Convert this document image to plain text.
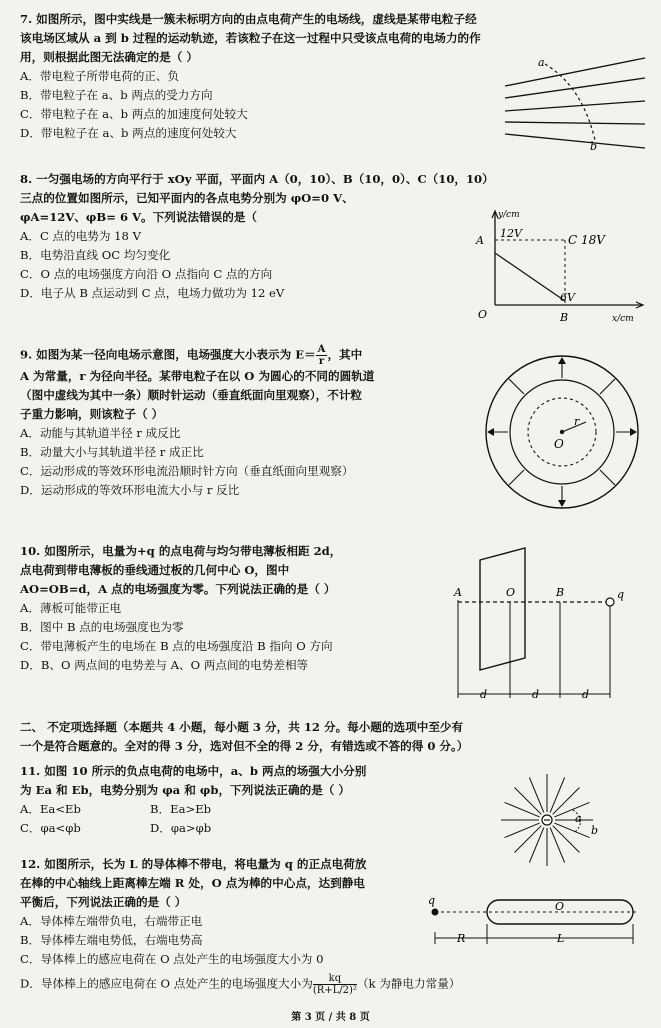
7. 如图所示，图中实线是一簇未标明方向的由点电荷产生的电场线，虚线是某带电粒子经

该电场区域从 a 到 b 过程的运动轨迹，若该粒子在这一过程中只受该点电荷的电场力的作

用，则根据此图无法确定的是（ ）

A．带电粒子所带电荷的正、负

B．带电粒子在 a、b 两点的受力方向

C．带电粒子在 a、b 两点的加速度何处较大

D．带电粒子在 a、b 两点的速度何处较大

a
b

8. 一匀强电场的方向平行于 xOy 平面，平面内 A（0，10）、B（10，0）、C（10，10）

三点的位置如图所示，已知平面内的各点电势分别为 φO=0 V、

φA=12V、φB= 6 V。下列说法错误的是（

A．C 点的电势为 18 V

B．电势沿直线 OC 均匀变化

C．O 点的电场强度方向沿 O 点指向 C 点的方向

D．电子从 B 点运动到 C 点，电场力做功为 12 eV

y/cm
A
12V	C 18V
6V
O	B	x/cm

9. 如图为某一径向电场示意图，电场强度大小表示为 $E= \frac{A}{r}$ ，其中

A 为常量，r 为径向半径。某带电粒子在以 O 为圆心的不同的圆轨道

（图中虚线为其中一条）顺时针运动（垂直纸面向里观察），不计粒

子重力影响，则该粒子（ ）

A．动能与其轨道半径 r 成反比

B．动量大小与其轨道半径 r 成正比

C．运动形成的等效环形电流沿顺时针方向（垂直纸面向里观察）

D．运动形成的等效环形电流大小与 r 反比

O
r

10. 如图所示，电量为+q 的点电荷与均匀带电薄板相距 2d，

点电荷到带电薄板的垂线通过板的几何中心 O，图中

AO=OB=d，A 点的电场强度为零。下列说法正确的是（ ）

A．薄板可能带正电

B．图中 B 点的电场强度也为零

C．带电薄板产生的电场在 B 点的电场强度沿 B 指向 O 方向

D．B、O 两点间的电势差与 A、O 两点间的电势差相等

A	O	B	q
d	d	d

二、 不定项选择题（本题共 4 小题，每小题 3 分，共 12 分。每小题的选项中至少有

一个是符合题意的。全对的得 3 分，选对但不全的得 2 分，有错选或不答的得 0 分。）

11. 如图 10 所示的负点电荷的电场中，a、b 两点的场强大小分别

为 Ea 和 Eb，电势分别为 φa 和 φb，下列说法正确的是（ ）

A．Ea<Eb	B．Ea>Eb

C．φa<φb	D．φa>φb

a
b

12. 如图所示，长为 L 的导体棒不带电，将电量为 q 的正点电荷放

在棒的中心轴线上距离棒左端 R 处，O 点为棒的中心点，达到静电

平衡后，下列说法正确的是（ ）

A．导体棒左端带负电，右端带正电

B．导体棒左端电势低，右端电势高

C．导体棒上的感应电荷在 O 点处产生的电场强度大小为 0

D．导体棒上的感应电荷在 O 点处产生的电场强度大小为 $\frac{kq}{\text{(R+L/2)²}} (k$ 为静电力常量）

q	O
R	L
第 3 页 / 共 8 页
